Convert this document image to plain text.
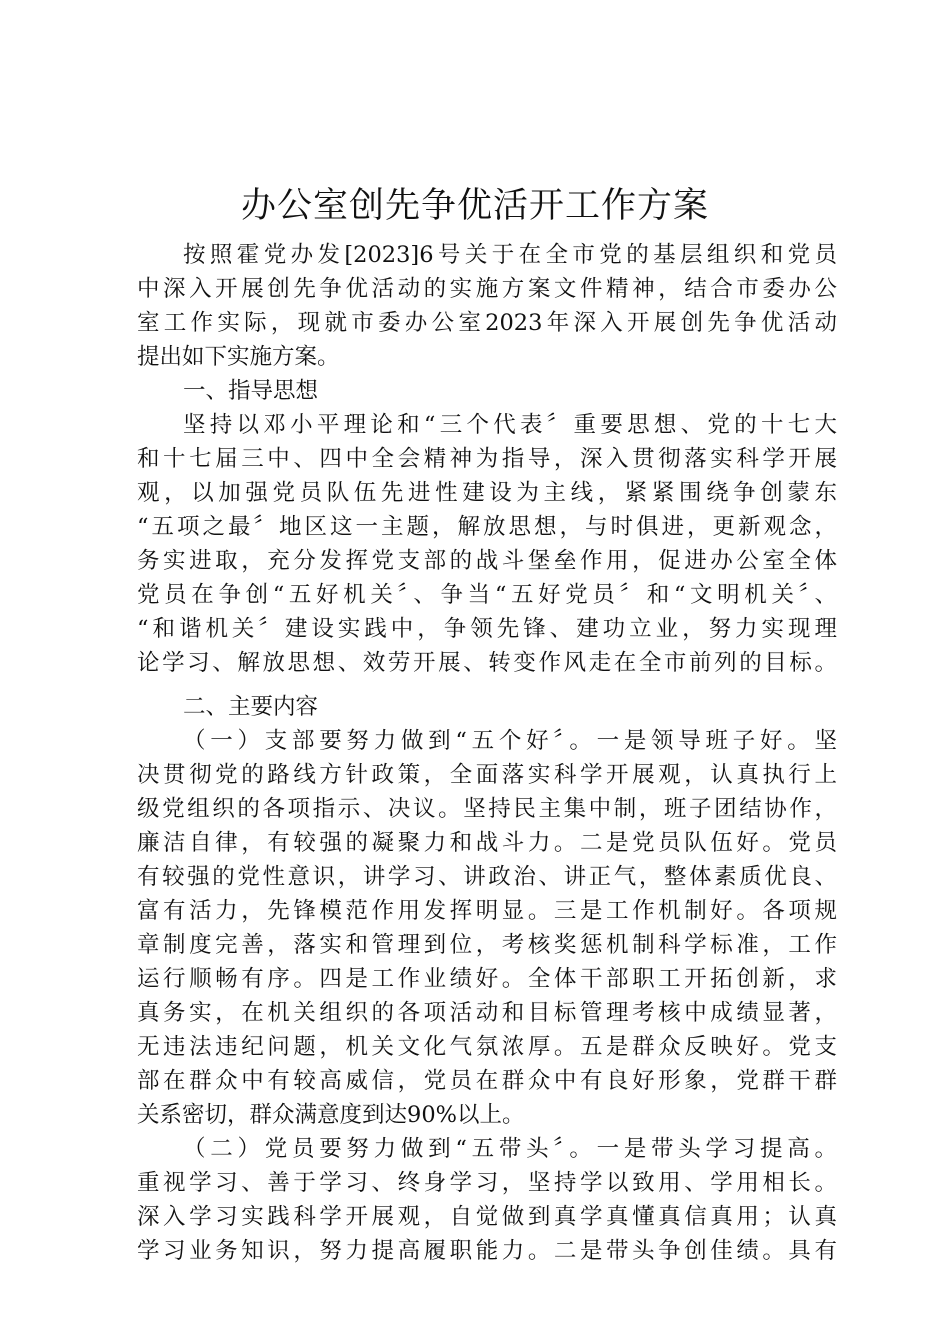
办公室创先争优活开工作方案
按照霍党办发[2023]6号关于在全市党的基层组织和党员
中深入开展创先争优活动的实施方案文件精神，结合市委办公
室工作实际，现就市委办公室2023年深入开展创先争优活动
提出如下实施方案。
一、指导思想
坚持以邓小平理论和“三个代表〞重要思想、党的十七大
和十七届三中、四中全会精神为指导，深入贯彻落实科学开展
观，以加强党员队伍先进性建设为主线，紧紧围绕争创蒙东
“五项之最〞地区这一主题，解放思想，与时俱进，更新观念，
务实进取，充分发挥党支部的战斗堡垒作用，促进办公室全体
党员在争创“五好机关〞、争当“五好党员〞和“文明机关〞、
“和谐机关〞建设实践中，争领先锋、建功立业，努力实现理
论学习、解放思想、效劳开展、转变作风走在全市前列的目标。
二、主要内容
（一）支部要努力做到“五个好〞。一是领导班子好。坚
决贯彻党的路线方针政策，全面落实科学开展观，认真执行上
级党组织的各项指示、决议。坚持民主集中制，班子团结协作，
廉洁自律，有较强的凝聚力和战斗力。二是党员队伍好。党员
有较强的党性意识，讲学习、讲政治、讲正气，整体素质优良、
富有活力，先锋模范作用发挥明显。三是工作机制好。各项规
章制度完善，落实和管理到位，考核奖惩机制科学标准，工作
运行顺畅有序。四是工作业绩好。全体干部职工开拓创新，求
真务实，在机关组织的各项活动和目标管理考核中成绩显著，
无违法违纪问题，机关文化气氛浓厚。五是群众反映好。党支
部在群众中有较高威信，党员在群众中有良好形象，党群干群
关系密切，群众满意度到达90%以上。
（二）党员要努力做到“五带头〞。一是带头学习提高。
重视学习、善于学习、终身学习，坚持学以致用、学用相长。
深入学习实践科学开展观，自觉做到真学真懂真信真用；认真
学习业务知识，努力提高履职能力。二是带头争创佳绩。具有
